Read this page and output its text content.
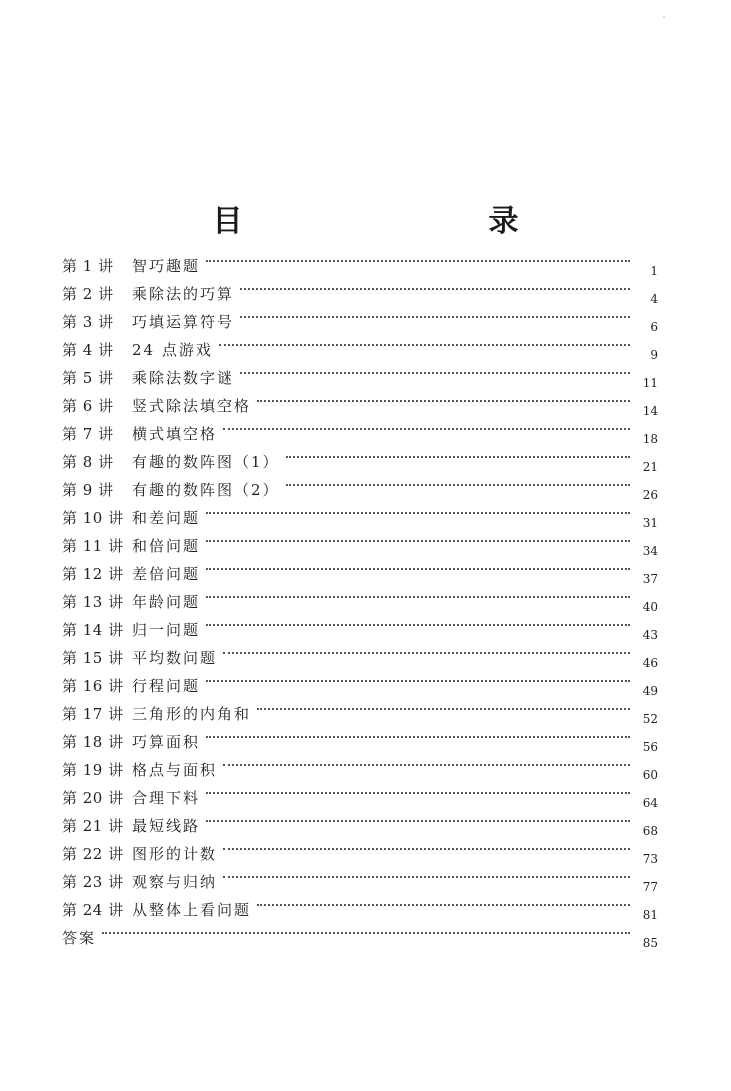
目　　录
第 1 讲	智巧趣题	1
第 2 讲	乘除法的巧算	4
第 3 讲	巧填运算符号	6
第 4 讲	24 点游戏	9
第 5 讲	乘除法数字谜	11
第 6 讲	竖式除法填空格	14
第 7 讲	横式填空格	18
第 8 讲	有趣的数阵图（1）	21
第 9 讲	有趣的数阵图（2）	26
第 10 讲 和差问题	31
第 11 讲 和倍问题	34
第 12 讲 差倍问题	37
第 13 讲 年龄问题	40
第 14 讲 归一问题	43
第 15 讲 平均数问题	46
第 16 讲 行程问题	49
第 17 讲 三角形的内角和	52
第 18 讲 巧算面积	56
第 19 讲 格点与面积	60
第 20 讲 合理下料	64
第 21 讲 最短线路	68
第 22 讲 图形的计数	73
第 23 讲 观察与归纳	77
第 24 讲 从整体上看问题	81
答案	85
